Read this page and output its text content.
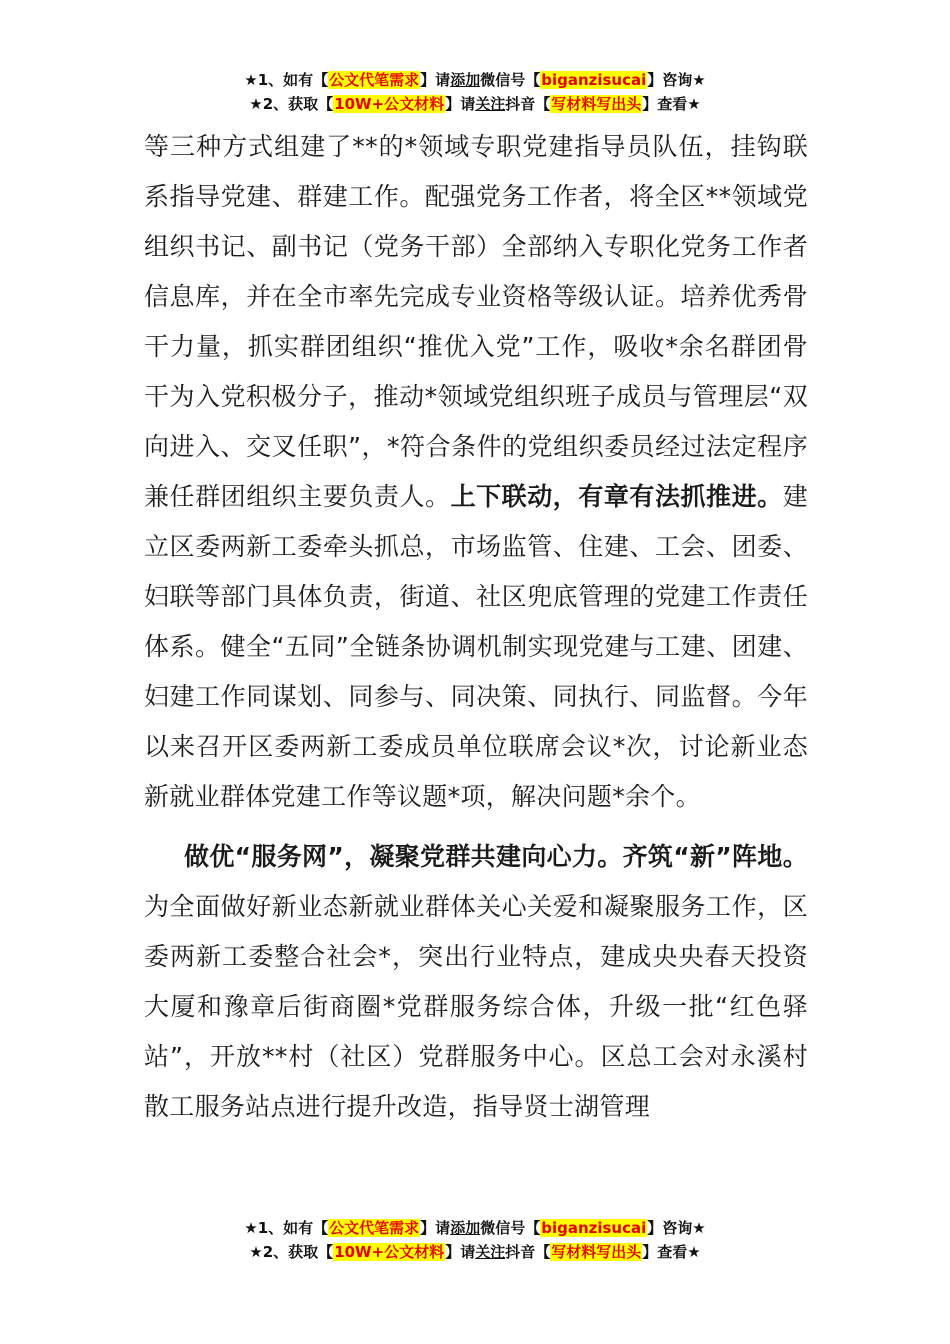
★1、如有【公文代笔需求】请添加微信号【biganzisucai】咨询★
★2、获取【10W+公文材料】请关注抖音【写材料写出头】查看★

等三种方式组建了**的*领域专职党建指导员队伍，挂钩联系指导党建、群建工作。配强党务工作者，将全区**领域党组织书记、副书记（党务干部）全部纳入专职化党务工作者信息库，并在全市率先完成专业资格等级认证。培养优秀骨干力量，抓实群团组织“推优入党”工作，吸收*余名群团骨干为入党积极分子，推动*领域党组织班子成员与管理层“双向进入、交叉任职”，*符合条件的党组织委员经过法定程序兼任群团组织主要负责人。上下联动，有章有法抓推进。建立区委两新工委牵头抓总，市场监管、住建、工会、团委、妇联等部门具体负责，街道、社区兜底管理的党建工作责任体系。健全“五同”全链条协调机制实现党建与工建、团建、妇建工作同谋划、同参与、同决策、同执行、同监督。今年以来召开区委两新工委成员单位联席会议*次，讨论新业态新就业群体党建工作等议题*项，解决问题*余个。

做优“服务网”，凝聚党群共建向心力。齐筑“新”阵地。为全面做好新业态新就业群体关心关爱和凝聚服务工作，区委两新工委整合社会*，突出行业特点，建成央央春天投资大厦和豫章后街商圈*党群服务综合体，升级一批“红色驿站”，开放**村（社区）党群服务中心。区总工会对永溪村散工服务站点进行提升改造，指导贤士湖管理

★1、如有【公文代笔需求】请添加微信号【biganzisucai】咨询★
★2、获取【10W+公文材料】请关注抖音【写材料写出头】查看★
